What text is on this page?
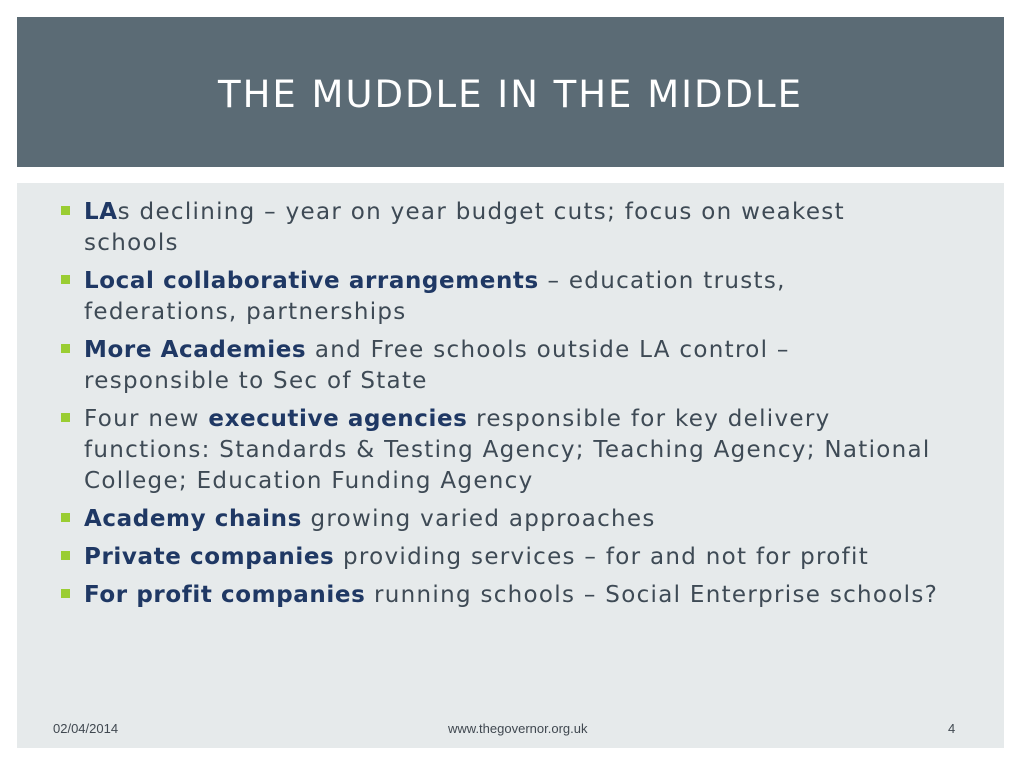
THE MUDDLE IN THE MIDDLE
LAs declining – year on year budget cuts; focus on weakest schools
Local collaborative arrangements – education trusts, federations, partnerships
More Academies and Free schools outside LA control – responsible to Sec of State
Four new executive agencies responsible for key delivery functions: Standards & Testing Agency; Teaching Agency; National College; Education Funding Agency
Academy chains growing varied approaches
Private companies providing services – for and not for profit
For profit companies running schools – Social Enterprise schools?
02/04/2014	www.thegovernor.org.uk	4
